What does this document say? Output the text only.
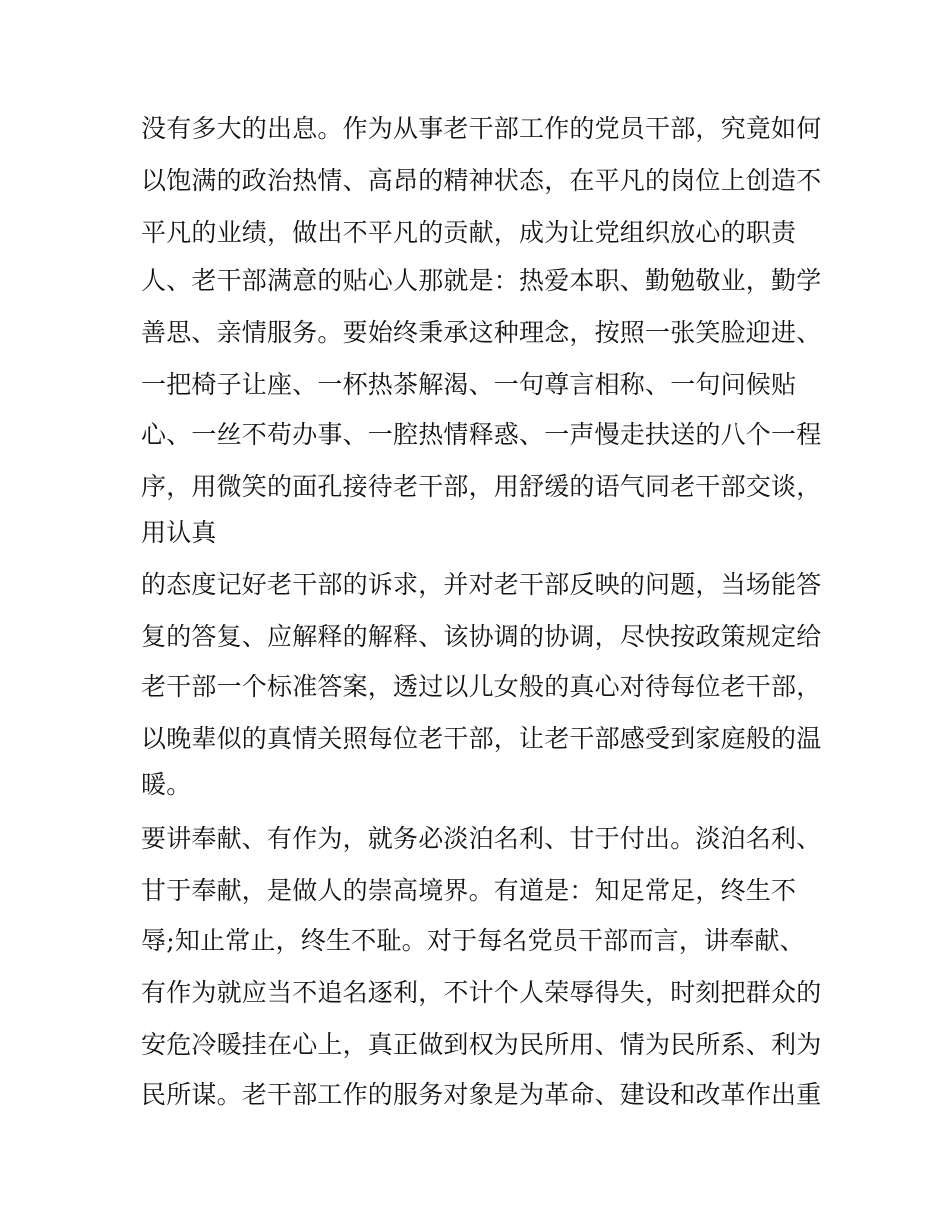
没有多大的出息。作为从事老干部工作的党员干部，究竟如何
以饱满的政治热情、高昂的精神状态，在平凡的岗位上创造不
平凡的业绩，做出不平凡的贡献，成为让党组织放心的职责
人、老干部满意的贴心人那就是：热爱本职、勤勉敬业，勤学
善思、亲情服务。要始终秉承这种理念，按照一张笑脸迎进、
一把椅子让座、一杯热茶解渴、一句尊言相称、一句问候贴
心、一丝不苟办事、一腔热情释惑、一声慢走扶送的八个一程
序，用微笑的面孔接待老干部，用舒缓的语气同老干部交谈，
用认真
的态度记好老干部的诉求，并对老干部反映的问题，当场能答
复的答复、应解释的解释、该协调的协调，尽快按政策规定给
老干部一个标准答案，透过以儿女般的真心对待每位老干部，
以晚辈似的真情关照每位老干部，让老干部感受到家庭般的温
暖。
要讲奉献、有作为，就务必淡泊名利、甘于付出。淡泊名利、
甘于奉献，是做人的崇高境界。有道是：知足常足，终生不
辱;知止常止，终生不耻。对于每名党员干部而言，讲奉献、
有作为就应当不追名逐利，不计个人荣辱得失，时刻把群众的
安危冷暖挂在心上，真正做到权为民所用、情为民所系、利为
民所谋。老干部工作的服务对象是为革命、建设和改革作出重
